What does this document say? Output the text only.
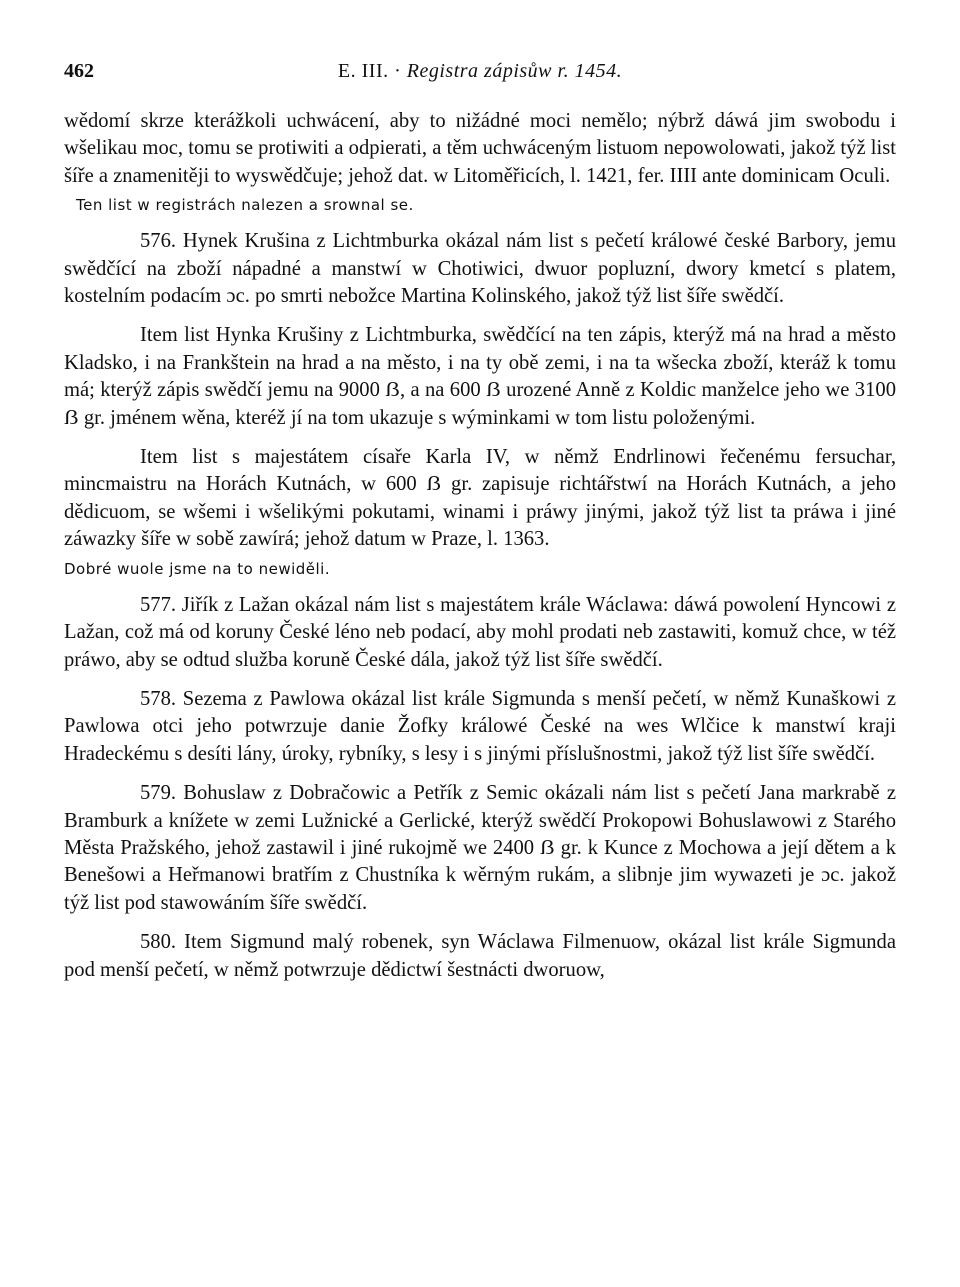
462	E. III. · Registra zápisůw r. 1454.

wědomí skrze kterážkoli uchwácení, aby to nižádné moci nemělo; nýbrž dáwá jim swobodu i wšelikau moc, tomu se protiwiti a odpierati, a těm uchwáceným listuom nepowolowati, jakož týž list šíře a znamenitěji to wyswědčuje; jehož dat. w Litoměřicích, l. 1421, fer. IIII ante dominicam Oculi.

Ten list w registrách nalezen a srownal se.

576. Hynek Krušina z Lichtmburka okázal nám list s pečetí králowé české Barbory, jemu swědčící na zboží nápadné a manstwí w Chotiwici, dwuor popluzní, dwory kmetcí s platem, kostelním podacím ɔc. po smrti nebožce Martina Kolinského, jakož týž list šíře swědčí.

Item list Hynka Krušiny z Lichtmburka, swědčící na ten zápis, kterýž má na hrad a město Kladsko, i na Frankštein na hrad a na město, i na ty obě zemi, i na ta wšecka zboží, kteráž k tomu má; kterýž zápis swědčí jemu na 9000 ẞ, a na 600 ẞ urozené Anně z Koldic manželce jeho we 3100 ẞ gr. jménem wěna, kteréž jí na tom ukazuje s wýminkami w tom listu položenými.

Item list s majestátem císaře Karla IV, w němž Endrlinowi řečenému fersuchar, mincmaistru na Horách Kutnách, w 600 ẞ gr. zapisuje richtářstwí na Horách Kutnách, a jeho dědicuom, se wšemi i wšelikými pokutami, winami i práwy jinými, jakož týž list ta práwa i jiné záwazky šíře w sobě zawírá; jehož datum w Praze, l. 1363.

Dobré wuole jsme na to newiděli.

577. Jiřík z Lažan okázal nám list s majestátem krále Wáclawa: dáwá powolení Hyncowi z Lažan, což má od koruny České léno neb podací, aby mohl prodati neb zastawiti, komuž chce, w též práwo, aby se odtud služba koruně České dála, jakož týž list šíře swědčí.

578. Sezema z Pawlowa okázal list krále Sigmunda s menší pečetí, w němž Kunaškowi z Pawlowa otci jeho potwrzuje danie Žofky králowé České na wes Wlčice k manstwí kraji Hradeckému s desíti lány, úroky, rybníky, s lesy i s jinými příslušnostmi, jakož týž list šíře swědčí.

579. Bohuslaw z Dobračowic a Petřík z Semic okázali nám list s pečetí Jana markrabě z Bramburk a knížete w zemi Lužnické a Gerlické, kterýž swědčí Prokopowi Bohuslawowi z Starého Města Pražského, jehož zastawil i jiné rukojmě we 2400 ẞ gr. k Kunce z Mochowa a její dětem a k Benešowi a Heřmanowi bratřím z Chustníka k wěrným rukám, a slibnje jim wywazeti je ɔc. jakož týž list pod stawowáním šíře swědčí.

580. Item Sigmund malý robenek, syn Wáclawa Filmenuow, okázal list krále Sigmunda pod menší pečetí, w němž potwrzuje dědictwí šestnácti dworuow,
